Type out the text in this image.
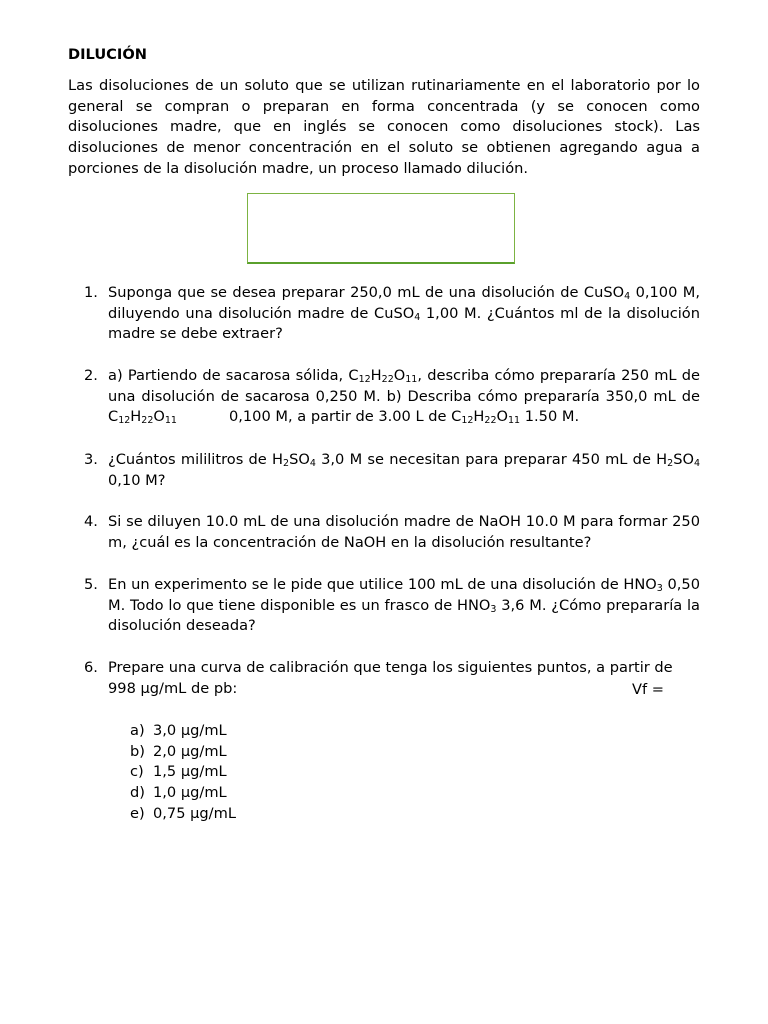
DILUCIÓN
Las disoluciones de un soluto que se utilizan rutinariamente en el laboratorio por lo general se compran o preparan en forma concentrada (y se conocen como disoluciones madre, que en inglés se conocen como disoluciones stock). Las disoluciones de menor concentración en el soluto se obtienen agregando agua a porciones de la disolución madre, un proceso llamado dilución.
1. Suponga que se desea preparar 250,0 mL de una disolución de CuSO$_4$ 0,100 M, diluyendo una disolución madre de CuSO$_4$ 1,00 M. ¿Cuántos ml de la disolución madre se debe extraer?
2. a) Partiendo de sacarosa sólida, $C_{12}H_{22}O_{11}$, describa cómo prepararía 250 mL de una disolución de sacarosa 0,250 M. b) Describa cómo prepararía 350,0 mL de $C_{12}H_{22}O_{11}$	0,100 M, a partir de 3.00 L de $C_{12}H_{22}O_{11}$ 1.50 M.
3. ¿Cuántos mililitros de $H_2SO_4$ 3,0 M se necesitan para preparar 450 mL de $H_2SO_4$ 0,10 M?
4. Si se diluyen 10.0 mL de una disolución madre de NaOH 10.0 M para formar 250 m, ¿cuál es la concentración de NaOH en la disolución resultante?
5. En un experimento se le pide que utilice 100 mL de una disolución de $HNO_3$ 0,50 M. Todo lo que tiene disponible es un frasco de $HNO_3$ 3,6 M. ¿Cómo prepararía la disolución deseada?
6. Prepare una curva de calibración que tenga los siguientes puntos, a partir de 998 μg/mL de pb:	Vf =
a) 3,0 μg/mL
b) 2,0 μg/mL
c) 1,5 μg/mL
d) 1,0 μg/mL
e) 0,75 μg/mL
